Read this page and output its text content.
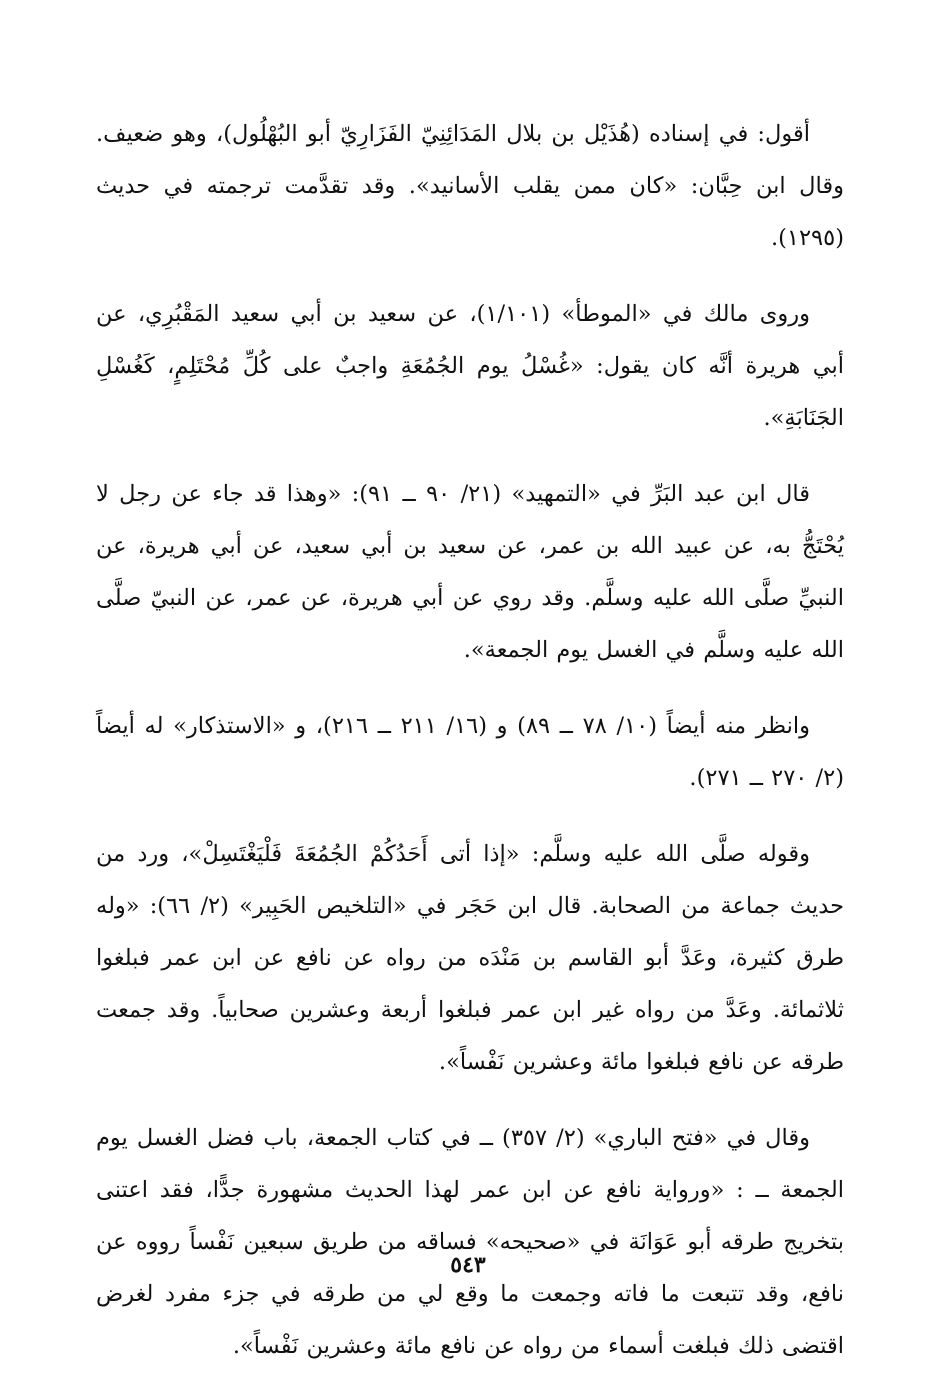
أقول: في إسناده (هُذَيْل بن بلال المَدَائِنِيّ الفَزَارِيّ أبو البُهْلُول)، وهو ضعيف. وقال ابن حِبَّان: «كان ممن يقلب الأسانيد». وقد تقدَّمت ترجمته في حديث (١٢٩٥).

وروى مالك في «الموطأ» (١/١٠١)، عن سعيد بن أبي سعيد المَقْبُرِي، عن أبي هريرة أنَّه كان يقول: «غُسْلُ يوم الجُمُعَةِ واجبٌ على كُلِّ مُحْتَلِمٍ، كَغُسْلِ الجَنَابَةِ».

قال ابن عبد البَرِّ في «التمهيد» (٢١/ ٩٠ ــ ٩١): «وهذا قد جاء عن رجل لا يُحْتَجُّ به، عن عبيد الله بن عمر، عن سعيد بن أبي سعيد، عن أبي هريرة، عن النبيِّ صلَّى الله عليه وسلَّم. وقد روي عن أبي هريرة، عن عمر، عن النبيّ صلَّى الله عليه وسلَّم في الغسل يوم الجمعة».

وانظر منه أيضاً (١٠/ ٧٨ ــ ٨٩) و (١٦/ ٢١١ ــ ٢١٦)، و «الاستذكار» له أيضاً (٢/ ٢٧٠ ــ ٢٧١).

وقوله صلَّى الله عليه وسلَّم: «إذا أتى أَحَدُكُمْ الجُمُعَةَ فَلْيَغْتَسِلْ»، ورد من حديث جماعة من الصحابة. قال ابن حَجَر في «التلخيص الحَبِير» (٢/ ٦٦): «وله طرق كثيرة، وعَدَّ أبو القاسم بن مَنْدَه من رواه عن نافع عن ابن عمر فبلغوا ثلاثمائة. وعَدَّ من رواه غير ابن عمر فبلغوا أربعة وعشرين صحابياً. وقد جمعت طرقه عن نافع فبلغوا مائة وعشرين نَفْساً».

وقال في «فتح الباري» (٢/ ٣٥٧) ــ في كتاب الجمعة، باب فضل الغسل يوم الجمعة ــ : «ورواية نافع عن ابن عمر لهذا الحديث مشهورة جدًّا، فقد اعتنى بتخريج طرقه أبو عَوَانَة في «صحيحه» فساقه من طريق سبعين نَفْساً رووه عن نافع، وقد تتبعت ما فاته وجمعت ما وقع لي من طرقه في جزء مفرد لغرض اقتضى ذلك فبلغت أسماء من رواه عن نافع مائة وعشرين نَفْساً».

٥٤٣
